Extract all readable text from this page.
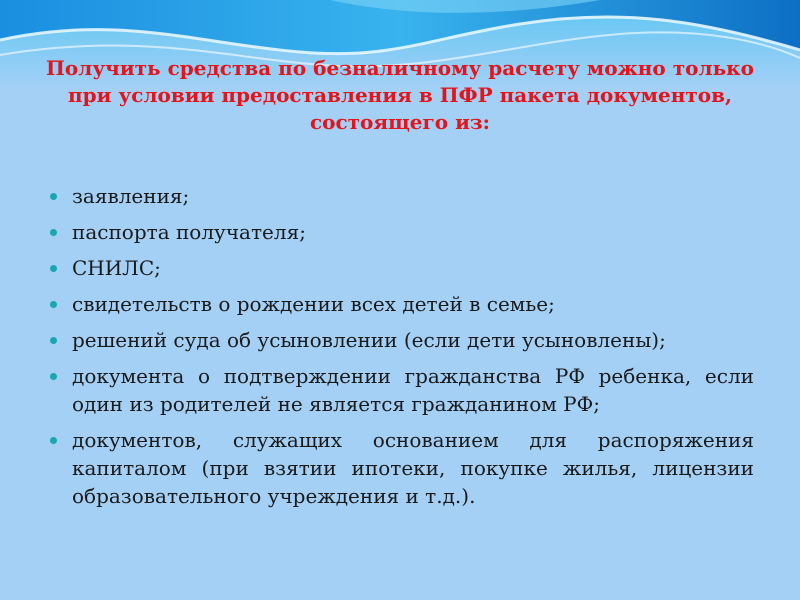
Получить средства по безналичному расчету можно только при условии предоставления в ПФР пакета документов, состоящего из:
заявления;
паспорта получателя;
СНИЛС;
свидетельств о рождении всех детей в семье;
решений суда об усыновлении (если дети усыновлены);
документа о подтверждении гражданства РФ ребенка, если один из родителей не является гражданином РФ;
документов, служащих основанием для распоряжения капиталом (при взятии ипотеки, покупке жилья, лицензии образовательного учреждения и т.д.).
